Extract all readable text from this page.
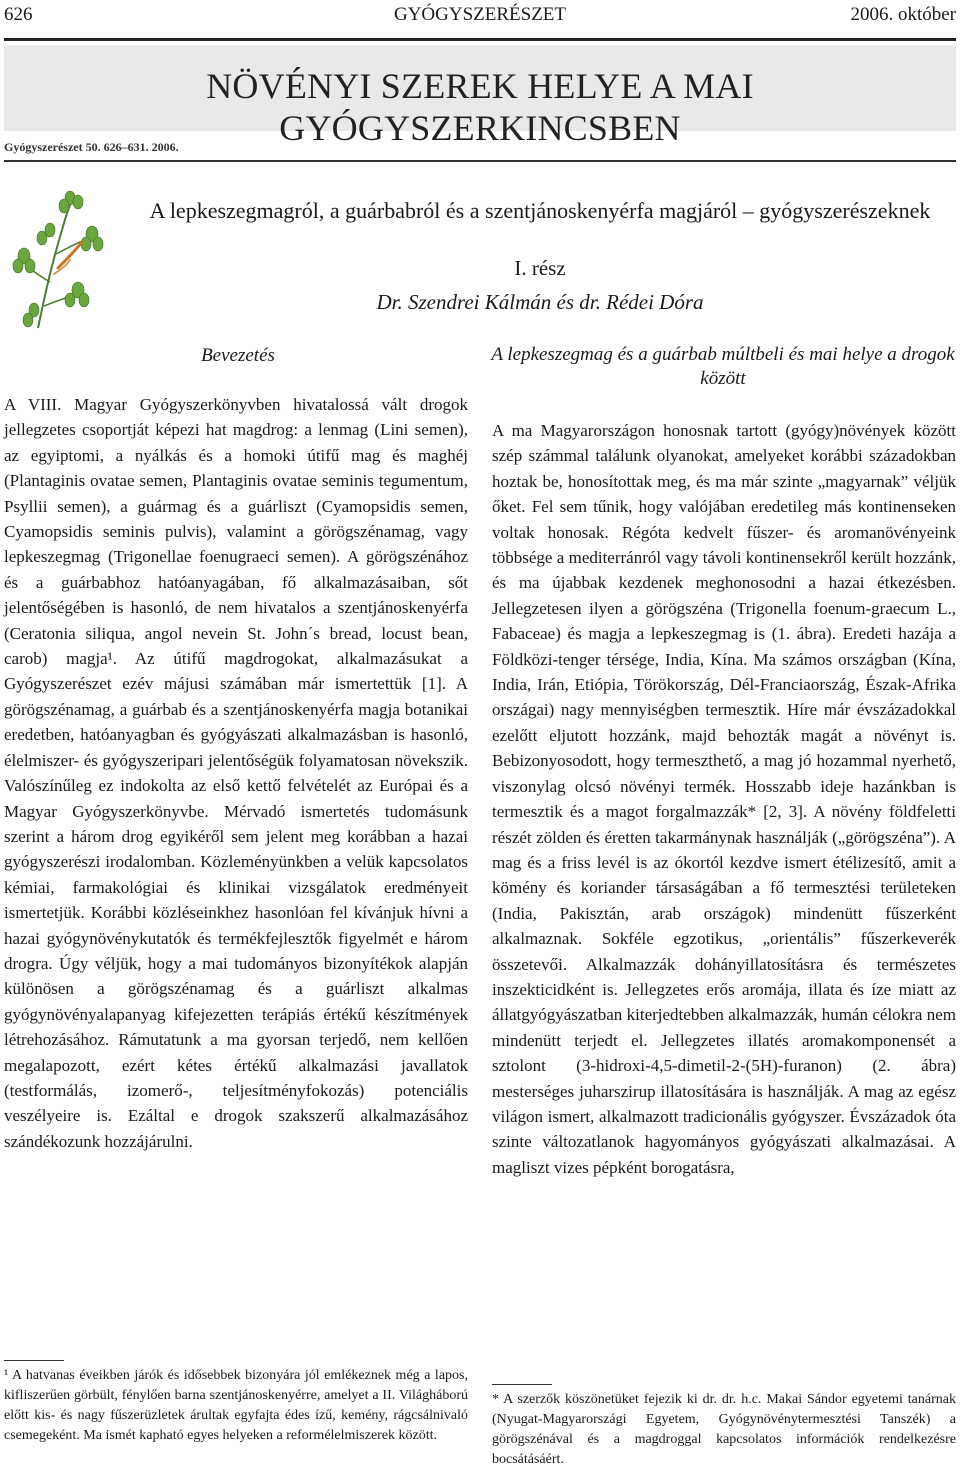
626	GYÓGYSZERÉSZET	2006. október
NÖVÉNYI SZEREK HELYE A MAI GYÓGYSZERKINCSBEN
Gyógyszerészet 50. 626–631. 2006.
A lepkeszegmagról, a guárbabról és a szentjánoskenyérfa magjáról – gyógyszerészeknek
I. rész
Dr. Szendrei Kálmán és dr. Rédei Dóra
Bevezetés	A lepkeszegmag és a guárbab múltbeli és mai helye a drogok között

A VIII. Magyar Gyógyszerkönyvben hivatalossá vált drogok jellegzetes csoportját képezi hat magdrog: a lenmag (Lini semen), az egyiptomi, a nyálkás és a homoki útifű mag és maghéj (Plantaginis ovatae semen, Plantaginis ovatae seminis tegumentum, Psyllii semen), a guármag és a guárliszt (Cyamopsidis semen, Cyamopsidis seminis pulvis), valamint a görögszénamag, vagy lepkeszegmag (Trigonellae foenugraeci semen). A görögszénához és a guárbabhoz hatóanyagában, fő alkalmazásaiban, sőt jelentőségében is hasonló, de nem hivatalos a szentjánoskenyérfa (Ceratonia siliqua, angol nevein St. John´s bread, locust bean, carob) magja¹. Az útifű magdrogokat, alkalmazásukat a Gyógyszerészet ezév májusi számában már ismertettük [1]. A görögszénamag, a guárbab és a szentjánoskenyérfa magja botanikai eredetben, hatóanyagban és gyógyászati alkalmazásban is hasonló, élelmiszer- és gyógyszeripari jelentőségük folyamatosan növekszik. Valószínűleg ez indokolta az első kettő felvételét az Európai és a Magyar Gyógyszerkönyvbe. Mérvadó ismertetés tudomásunk szerint a három drog egyikéről sem jelent meg korábban a hazai gyógyszerészi irodalomban. Közleményünkben a velük kapcsolatos kémiai, farmakológiai és klinikai vizsgálatok eredményeit ismertetjük. Korábbi közléseinkhez hasonlóan fel kívánjuk hívni a hazai gyógynövénykutatók és termékfejlesztők figyelmét e három drogra. Úgy véljük, hogy a mai tudományos bizonyítékok alapján különösen a görögszénamag és a guárliszt alkalmas gyógynövényalapanyag kifejezetten terápiás értékű készítmények létrehozásához. Rámutatunk a ma gyorsan terjedő, nem kellően megalapozott, ezért kétes értékű alkalmazási javallatok (testformálás, izomerő-, teljesítményfokozás) potenciális veszélyeire is. Ezáltal e drogok szakszerű alkalmazásához szándékozunk hozzájárulni.

A ma Magyarországon honosnak tartott (gyógy)növények között szép számmal találunk olyanokat, amelyeket korábbi századokban hoztak be, honosítottak meg, és ma már szinte „magyarnak” véljük őket. Fel sem tűnik, hogy valójában eredetileg más kontinenseken voltak honosak. Régóta kedvelt fűszer- és aromanövényeink többsége a mediterránról vagy távoli kontinensekről került hozzánk, és ma újabbak kezdenek meghonosodni a hazai étkezésben. Jellegzetesen ilyen a görögszéna (Trigonella foenum-graecum L., Fabaceae) és magja a lepkeszegmag is (1. ábra). Eredeti hazája a Földközi-tenger térsége, India, Kína. Ma számos országban (Kína, India, Irán, Etiópia, Törökország, Dél-Franciaország, Észak-Afrika országai) nagy mennyiségben termesztik. Híre már évszázadokkal ezelőtt eljutott hozzánk, majd behozták magát a növényt is. Bebizonyosodott, hogy termeszthető, a mag jó hozammal nyerhető, viszonylag olcsó növényi termék. Hosszabb ideje hazánkban is termesztik és a magot forgalmazzák* [2, 3]. A növény földfeletti részét zölden és éretten takarmánynak használják („görögszéna”). A mag és a friss levél is az ókortól kezdve ismert étélizesítő, amit a kömény és koriander társaságában a fő termesztési területeken (India, Pakisztán, arab országok) mindenütt fűszerként alkalmaznak. Sokféle egzotikus, „orientális” fűszerkeverék összetevői. Alkalmazzák dohányillatosításra és természetes inszekticidként is. Jellegzetes erős aromája, illata és íze miatt az állatgyógyászatban kiterjedtebben alkalmazzák, humán célokra nem mindenütt terjedt el. Jellegzetes illatés aromakomponensét a sztolont (3-hidroxi-4,5-dimetil-2-(5H)-furanon) (2. ábra) mesterséges juharszirup illatosítására is használják. A mag az egész világon ismert, alkalmazott tradicionális gyógyszer. Évszázadok óta szinte változatlanok hagyományos gyógyászati alkalmazásai. A magliszt vizes pépként borogatásra,

¹ A hatvanas éveikben járók és idősebbek bizonyára jól emlékeznek még a lapos, kifliszerűen görbült, fénylően barna szentjánoskenyérre, amelyet a II. Világháború előtt kis- és nagy fűszerüzletek árultak egyfajta édes ízű, kemény, rágcsálnivaló csemegeként. Ma ismét kapható egyes helyeken a reformélelmiszerek között.
* A szerzők köszönetüket fejezik ki dr. dr. h.c. Makai Sándor egyetemi tanárnak (Nyugat-Magyarországi Egyetem, Gyógynövénytermesztési Tanszék) a görögszénával és a magdroggal kapcsolatos információk rendelkezésre bocsátásáért.
